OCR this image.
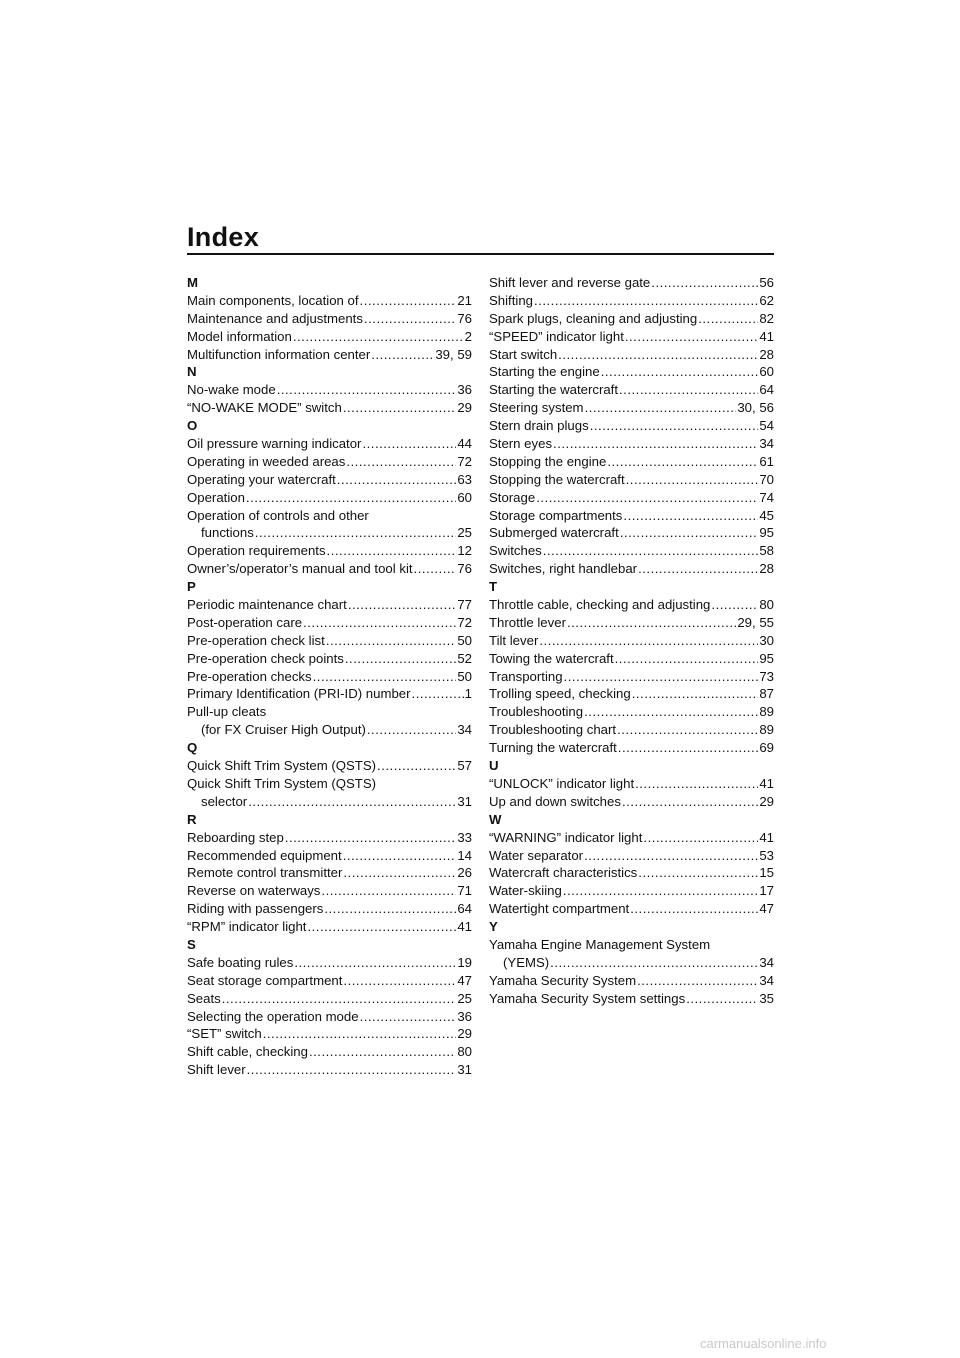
Index
M
Main components, location of .....	21
Maintenance and adjustments .....	76
Model information .....	2
Multifunction information center .....	39, 59
N
No-wake mode .....	36
“NO-WAKE MODE” switch .....	29
O
Oil pressure warning indicator .....	44
Operating in weeded areas .....	72
Operating your watercraft .....	63
Operation .....	60
Operation of controls and other
functions .....	25
Operation requirements .....	12
Owner’s/operator’s manual and tool kit .....	76
P
Periodic maintenance chart .....	77
Post-operation care .....	72
Pre-operation check list .....	50
Pre-operation check points .....	52
Pre-operation checks .....	50
Primary Identification (PRI-ID) number .....	1
Pull-up cleats
(for FX Cruiser High Output) .....	34
Q
Quick Shift Trim System (QSTS) .....	57
Quick Shift Trim System (QSTS)
selector .....	31
R
Reboarding step .....	33
Recommended equipment .....	14
Remote control transmitter .....	26
Reverse on waterways .....	71
Riding with passengers .....	64
“RPM” indicator light .....	41
S
Safe boating rules .....	19
Seat storage compartment .....	47
Seats .....	25
Selecting the operation mode .....	36
“SET” switch .....	29
Shift cable, checking .....	80
Shift lever .....	31
Shift lever and reverse gate .....	56
Shifting .....	62
Spark plugs, cleaning and adjusting .....	82
“SPEED” indicator light .....	41
Start switch .....	28
Starting the engine .....	60
Starting the watercraft .....	64
Steering system .....	30, 56
Stern drain plugs .....	54
Stern eyes .....	34
Stopping the engine .....	61
Stopping the watercraft .....	70
Storage .....	74
Storage compartments .....	45
Submerged watercraft .....	95
Switches .....	58
Switches, right handlebar .....	28
T
Throttle cable, checking and adjusting .....	80
Throttle lever .....	29, 55
Tilt lever .....	30
Towing the watercraft .....	95
Transporting .....	73
Trolling speed, checking .....	87
Troubleshooting .....	89
Troubleshooting chart .....	89
Turning the watercraft .....	69
U
“UNLOCK” indicator light .....	41
Up and down switches .....	29
W
“WARNING” indicator light .....	41
Water separator .....	53
Watercraft characteristics .....	15
Water-skiing .....	17
Watertight compartment .....	47
Y
Yamaha Engine Management System
(YEMS) .....	34
Yamaha Security System .....	34
Yamaha Security System settings .....	35
carmanualsonline.info
